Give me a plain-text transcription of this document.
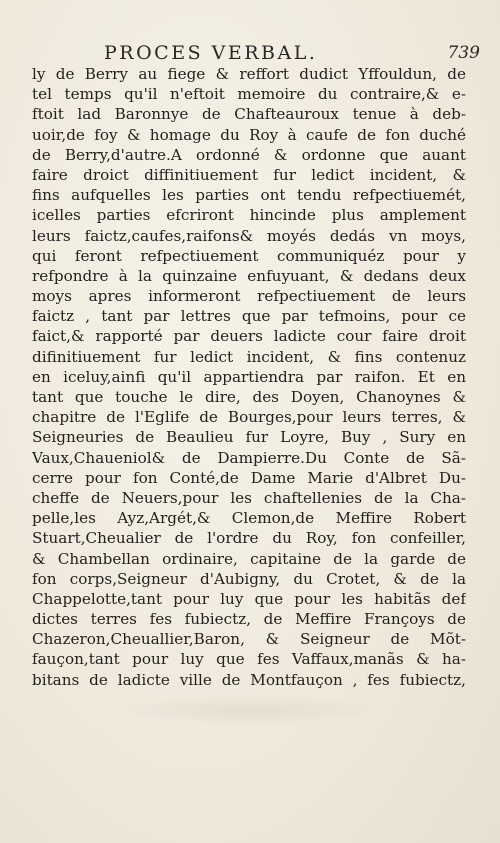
PROCES VERBAL.	739
ly de Berry au fiege & reffort dudict Yffouldun, de
tel temps qu'il n'eftoit memoire du contraire,& e-
ftoit lad Baronnye de Chafteauroux tenue à deb-
uoir,de foy & homage du Roy à caufe de fon duché
de Berry,d'autre.A ordonné & ordonne que auant
faire droict diffinitiuement fur ledict incident, &
fins aufquelles les parties ont tendu refpectiuemét,
icelles parties efcriront hincinde plus amplement
leurs faictz,caufes,raifons& moyés dedás vn moys,
qui feront refpectiuement communiquéz pour y
refpondre à la quinzaine enfuyuant, & dedans deux
moys apres informeront refpectiuement de leurs
faictz , tant par lettres que par tefmoins, pour ce
faict,& rapporté par deuers ladicte cour faire droit
difinitiuement fur ledict incident, & fins contenuz
en iceluy,ainfi qu'il appartiendra par raifon. Et en
tant que touche le dire, des Doyen, Chanoynes &
chapitre de l'Eglife de Bourges,pour leurs terres, &
Seigneuries de Beaulieu fur Loyre, Buy , Sury en
Vaux,Chaueniol& de Dampierre.Du Conte de Sã-
cerre pour fon Conté,de Dame Marie d'Albret Du-
cheffe de Neuers,pour les chaftellenies de la Cha-
pelle,les Ayz,Argét,& Clemon,de Meffire Robert
Stuart,Cheualier de l'ordre du Roy, fon confeiller,
& Chambellan ordinaire, capitaine de la garde de
fon corps,Seigneur d'Aubigny, du Crotet, & de la
Chappelotte,tant pour luy que pour les habitãs def
dictes terres fes fubiectz, de Meffire Françoys de
Chazeron,Cheuallier,Baron, & Seigneur de Mõt-
fauçon,tant pour luy que fes Vaffaux,manãs & ha-
bitans de ladicte ville de Montfauçon , fes fubiectz,
